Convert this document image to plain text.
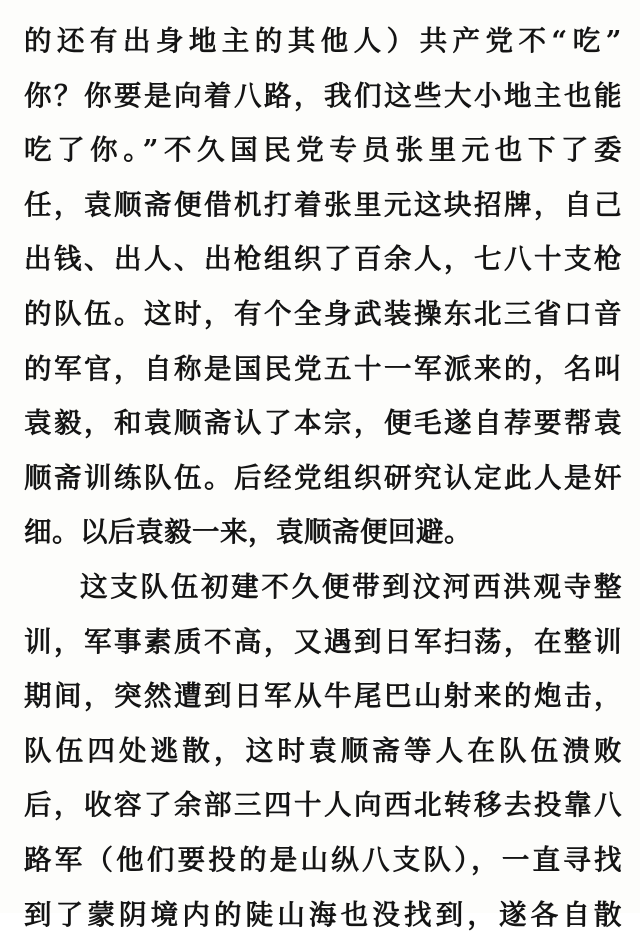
的还有出身地主的其他人）共产党不“吃”
你？你要是向着八路，我们这些大小地主也能
吃了你。”不久国民党专员张里元也下了委
任，袁顺斋便借机打着张里元这块招牌，自己
出钱、出人、出枪组织了百余人，七八十支枪
的队伍。这时，有个全身武装操东北三省口音
的军官，自称是国民党五十一军派来的，名叫
袁毅，和袁顺斋认了本宗，便毛遂自荐要帮袁
顺斋训练队伍。后经党组织研究认定此人是奸
细。以后袁毅一来，袁顺斋便回避。
这支队伍初建不久便带到汶河西洪观寺整
训，军事素质不高，又遇到日军扫荡，在整训
期间，突然遭到日军从牛尾巴山射来的炮击，
队伍四处逃散，这时袁顺斋等人在队伍溃败
后，收容了余部三四十人向西北转移去投靠八
路军（他们要投的是山纵八支队），一直寻找
到了蒙阴境内的陡山海也没找到，遂各自散
